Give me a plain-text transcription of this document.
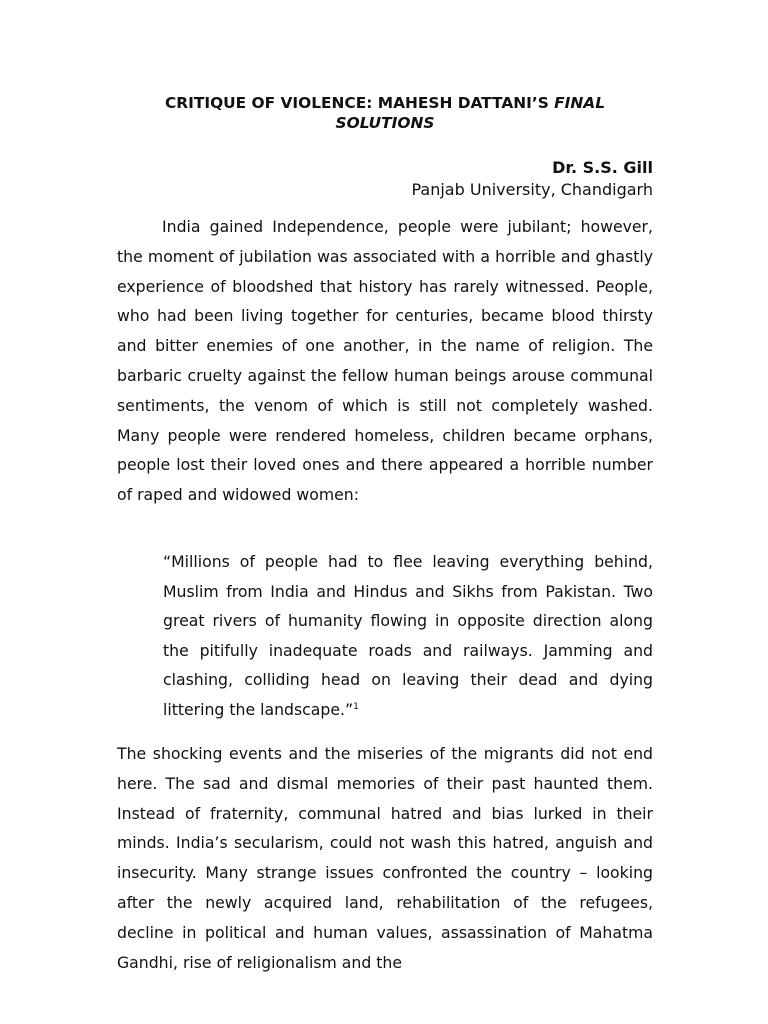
CRITIQUE OF VIOLENCE: MAHESH DATTANI’S FINAL
SOLUTIONS
Dr. S.S. Gill
Panjab University, Chandigarh

India gained Independence, people were jubilant; however, the moment of jubilation was associated with a horrible and ghastly experience of bloodshed that history has rarely witnessed. People, who had been living together for centuries, became blood thirsty and bitter enemies of one another, in the name of religion. The barbaric cruelty against the fellow human beings arouse communal sentiments, the venom of which is still not completely washed. Many people were rendered homeless, children became orphans, people lost their loved ones and there appeared a horrible number of raped and widowed women:

“Millions of people had to flee leaving everything behind, Muslim from India and Hindus and Sikhs from Pakistan. Two great rivers of humanity flowing in opposite direction along the pitifully inadequate roads and railways. Jamming and clashing, colliding head on leaving their dead and dying littering the landscape.”$^1$

The shocking events and the miseries of the migrants did not end here. The sad and dismal memories of their past haunted them. Instead of fraternity, communal hatred and bias lurked in their minds. India’s secularism, could not wash this hatred, anguish and insecurity. Many strange issues confronted the country – looking after the newly acquired land, rehabilitation of the refugees, decline in political and human values, assassination of Mahatma Gandhi, rise of religionalism and the
